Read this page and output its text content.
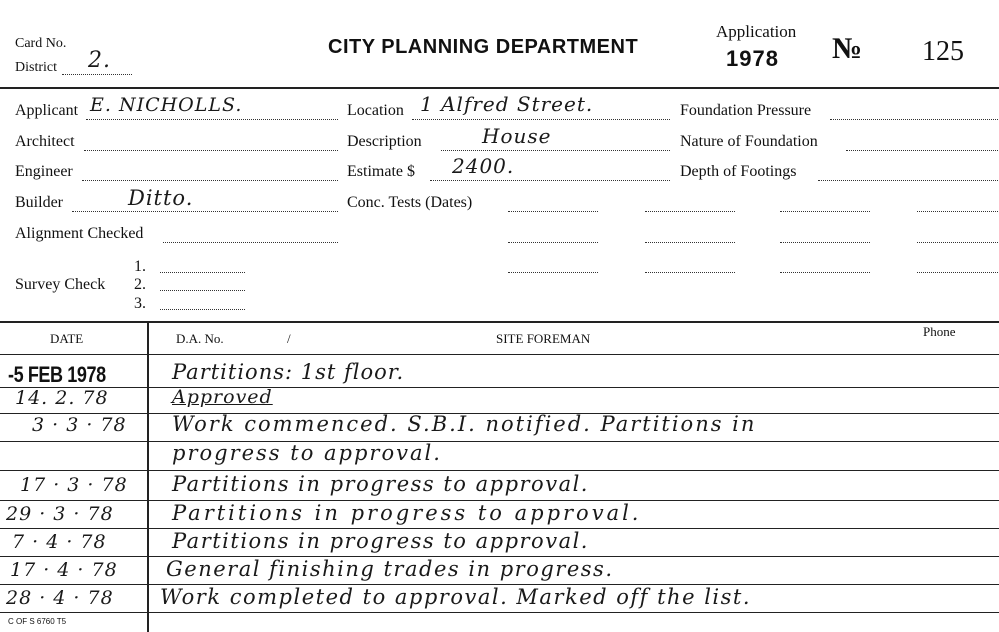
Card No.
District 2.
CITY PLANNING DEPARTMENT
Application
1978 № 125
Applicant E. NICHOLLS.
Architect
Engineer
Builder	Ditto.
Alignment Checked
Survey Check
1.
2.
3.
Location 1 Alfred Street.
Description	House
Estimate $ 2400.
Conc. Tests (Dates)
Foundation Pressure
Nature of Foundation
Depth of Footings
DATE	D.A. No.	/	SITE FOREMAN	Phone
-5 FEB 1978	Partitions: 1st floor.
14. 2. 78	Approved
3 · 3 · 78 Work commenced. S.B.I. notified. Partitions in
progress to approval.
17 · 3 · 78 Partitions in progress to approval.
29 · 3 · 78	Partitions in progress to approval.
7 · 4 · 78	Partitions in progress to approval.
17 · 4 · 78 General finishing trades in progress.
28 · 4 · 78 Work completed to approval. Marked off the list.
C OF S 6760 T5
